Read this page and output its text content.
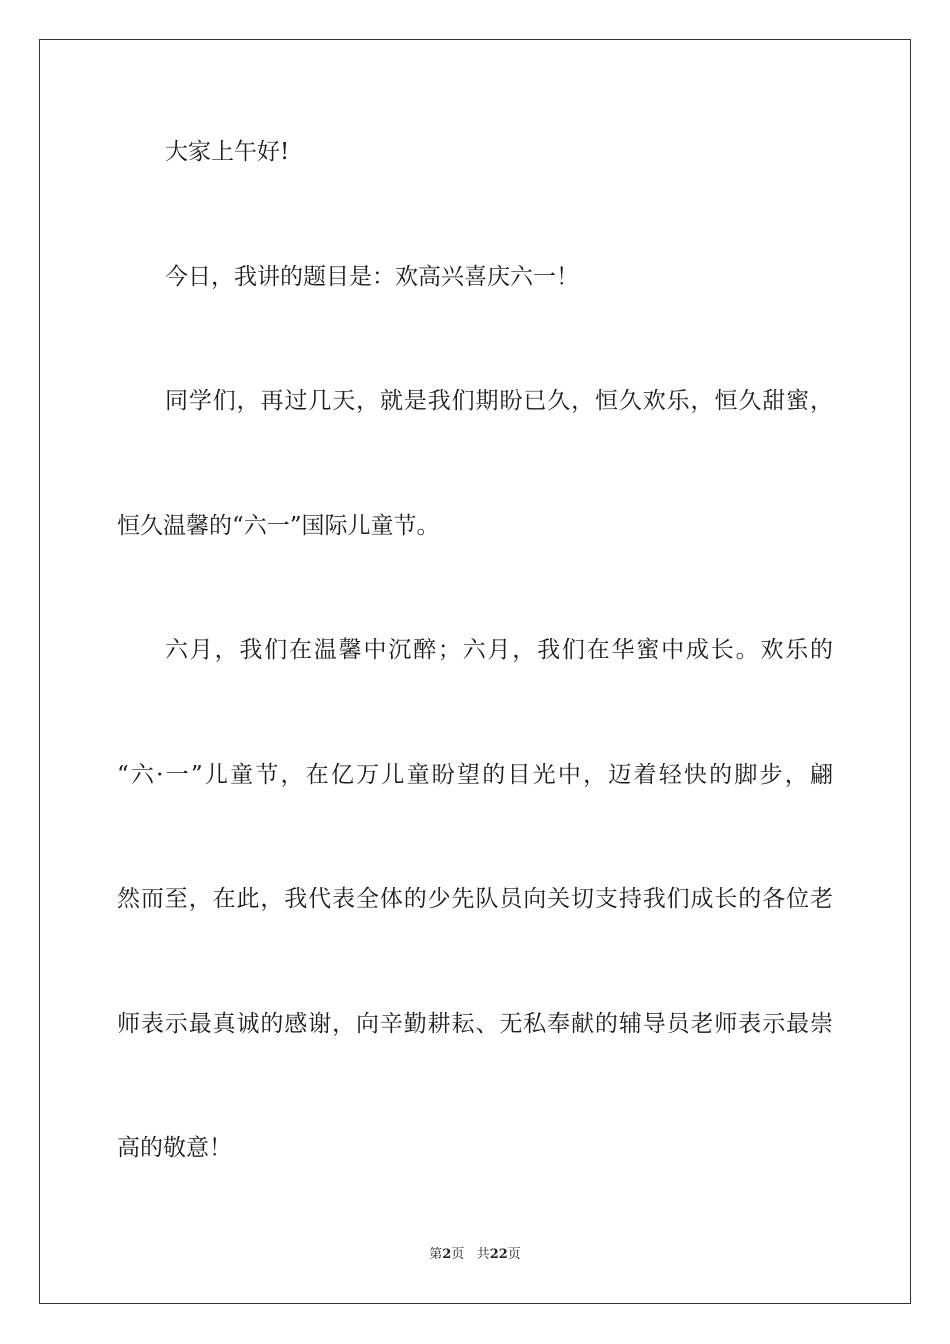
大家上午好!
今日，我讲的题目是：欢高兴喜庆六一！
同学们，再过几天，就是我们期盼已久，恒久欢乐，恒久甜蜜，
恒久温馨的“六一”国际儿童节。
六月，我们在温馨中沉醉；六月，我们在华蜜中成长。欢乐的
“六·一”儿童节，在亿万儿童盼望的目光中，迈着轻快的脚步，翩
然而至，在此，我代表全体的少先队员向关切支持我们成长的各位老
师表示最真诚的感谢，向辛勤耕耘、无私奉献的辅导员老师表示最崇
高的敬意！
第2页 共22页
